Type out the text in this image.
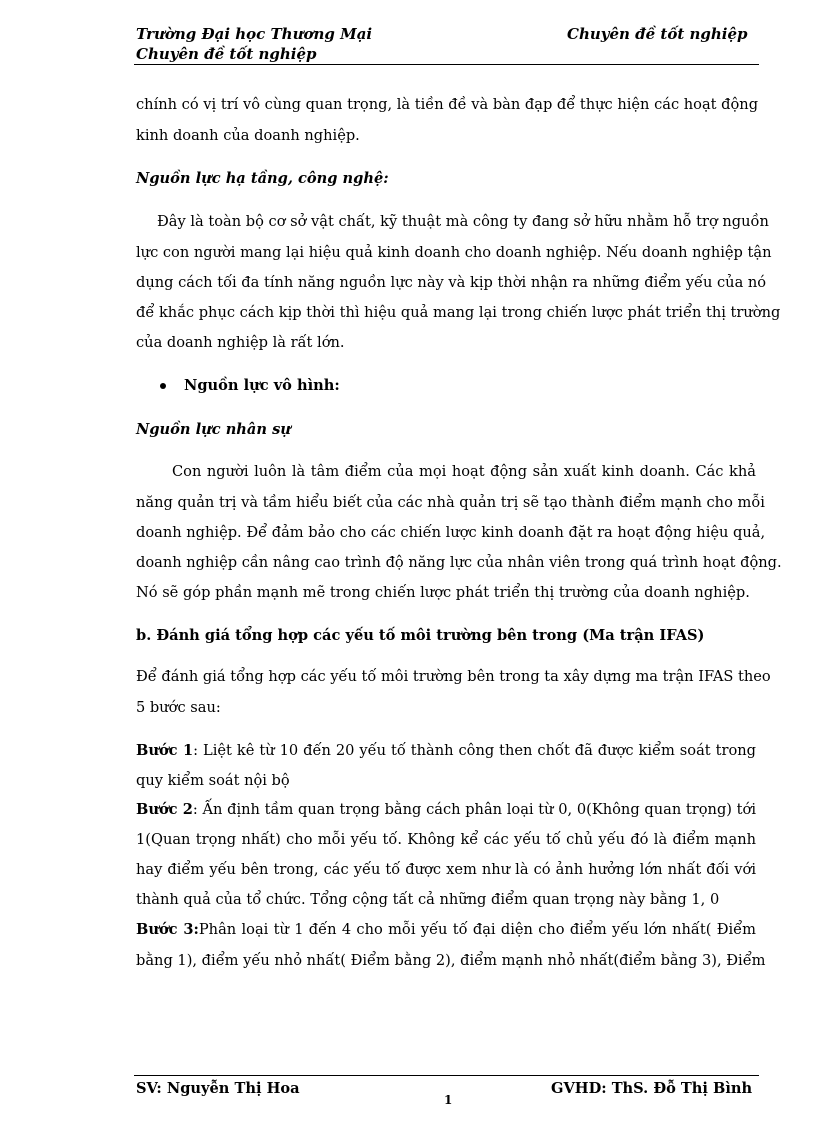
Trường Đại học Thương Mại
Chuyên đề tốt nghiệp
Chuyên đề tốt nghiệp
chính có vị trí vô cùng quan trọng, là tiền đề và bàn đạp để thực hiện các hoạt động
kinh doanh của doanh nghiệp.
Nguồn lực hạ tầng, công nghệ:
Đây là toàn bộ cơ sở vật chất, kỹ thuật mà công ty đang sở hữu nhằm hỗ trợ nguồn
lực con người mang lại hiệu quả kinh doanh cho doanh nghiệp. Nếu doanh nghiệp tận
dụng cách tối đa tính năng nguồn lực này và kịp thời nhận ra những điểm yếu của nó
để khắc phục cách kịp thời thì hiệu quả mang lại trong chiến lược phát triển thị trường
của doanh nghiệp là rất lớn.
Nguồn lực vô hình:
Nguồn lực nhân sự
Con người luôn là tâm điểm của mọi hoạt động sản xuất kinh doanh. Các khả
năng quản trị và tầm hiểu biết của các nhà quản trị sẽ tạo thành điểm mạnh cho mỗi
doanh nghiệp. Để đảm bảo cho các chiến lược kinh doanh đặt ra hoạt động hiệu quả,
doanh nghiệp cần nâng cao trình độ năng lực của nhân viên trong quá trình hoạt động.
Nó sẽ góp phần mạnh mẽ trong chiến lược phát triển thị trường của doanh nghiệp.
b. Đánh giá tổng hợp các yếu tố môi trường bên trong (Ma trận IFAS)
Để đánh giá tổng hợp các yếu tố môi trường bên trong ta xây dựng ma trận IFAS theo
5 bước sau:
Bước 1: Liệt kê từ 10 đến 20 yếu tố thành công then chốt đã được kiểm soát trong
quy kiểm soát nội bộ
Bước 2: Ấn định tầm quan trọng bằng cách phân loại từ 0, 0(Không quan trọng) tới
1(Quan trọng nhất) cho mỗi yếu tố. Không kể các yếu tố chủ yếu đó là điểm mạnh
hay điểm yếu bên trong, các yếu tố được xem như là có ảnh hưởng lớn nhất đối với
thành quả của tổ chức. Tổng cộng tất cả những điểm quan trọng này bằng 1, 0
Bước 3:Phân loại từ 1 đến 4 cho mỗi yếu tố đại diện cho điểm yếu lớn nhất( Điểm
bằng 1), điểm yếu nhỏ nhất( Điểm bằng 2), điểm mạnh nhỏ nhất(điểm bằng 3), Điểm
SV: Nguyễn Thị Hoa	GVHD: ThS. Đỗ Thị Bình
1
